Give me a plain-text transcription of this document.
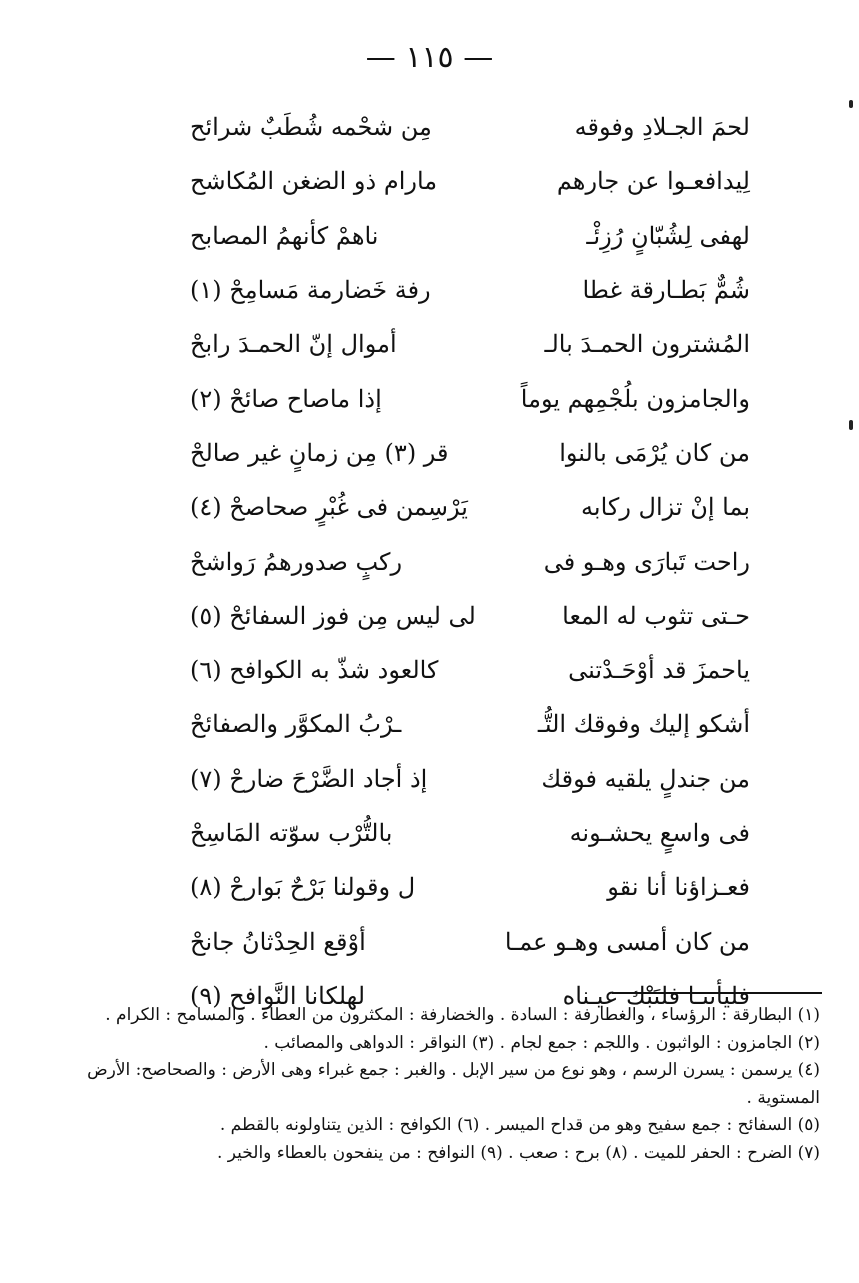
— ١١٥ —
لحمَ الجـلادِ وفوقه
مِن شحْمه شُطَبٌ شرائح
لِيدافعـوا عن جارهم
مارام ذو الضغن المُكاشح
لهفى لِشُبّانٍ رُزِئْـ
ناهمْ كأنهمُ المصابح
شُمٌّ بَطـارقة غطا
رفة خَضارمة مَسامِحْ (١)
المُشترون الحمـدَ بالـ
أموال إنّ الحمـدَ رابحْ
والجامزون بلُجْمِهم يوماً
إذا ماصاح صائحْ (٢)
من كان يُرْمَى بالنوا
قر (٣) مِن زمانٍ غير صالحْ
بما إنْ تزال ركابه
يَرْسِمن فى غُبْرٍ صحاصحْ (٤)
راحت تَبارَى وهـو فى
ركبٍ صدورهمُ رَواشحْ
حـتى تثوب له المعا
لى ليس مِن فوز السفائحْ (٥)
ياحمزَ قد أوْحَـدْتنى
كالعود شذّ به الكوافح (٦)
أشكو إليك وفوقك التُّـ
ـرْبُ المكوَّر والصفائحْ
من جندلٍ يلقيه فوقك
إذ أجاد الضَّرْحَ ضارحْ (٧)
فى واسعٍ يحشـونه
بالتُّرْب سوّته المَاسِحْ
فعـزاؤنا أنا نقو
ل وقولنا بَرْحٌ بَوارحْ (٨)
من كان أمسى وهـو عمـا
أوْقع الحِدْثانُ جانحْ
فليأتنـا فلتَبْك عيـناه
لهلكانا النَّوافح (٩)
(١) البطارقة : الرؤساء ، والغطارفة : السادة . والخضارفة : المكثرون من العطاء . والمسامح : الكرام .
(٢) الجامزون : الواثبون . واللجم : جمع لجام . (٣) النواقر : الدواهى والمصائب .
(٤) يرسمن : يسرن الرسم ، وهو نوع من سير الإبل . والغبر : جمع غبراء وهى الأرض : والصحاصح: الأرض المستوية .
(٥) السفائح : جمع سفيح وهو من قداح الميسر . (٦) الكوافح : الذين يتناولونه بالقطم .
(٧) الضرح : الحفر للميت . (٨) برح : صعب . (٩) النوافح : من ينفحون بالعطاء والخير .
